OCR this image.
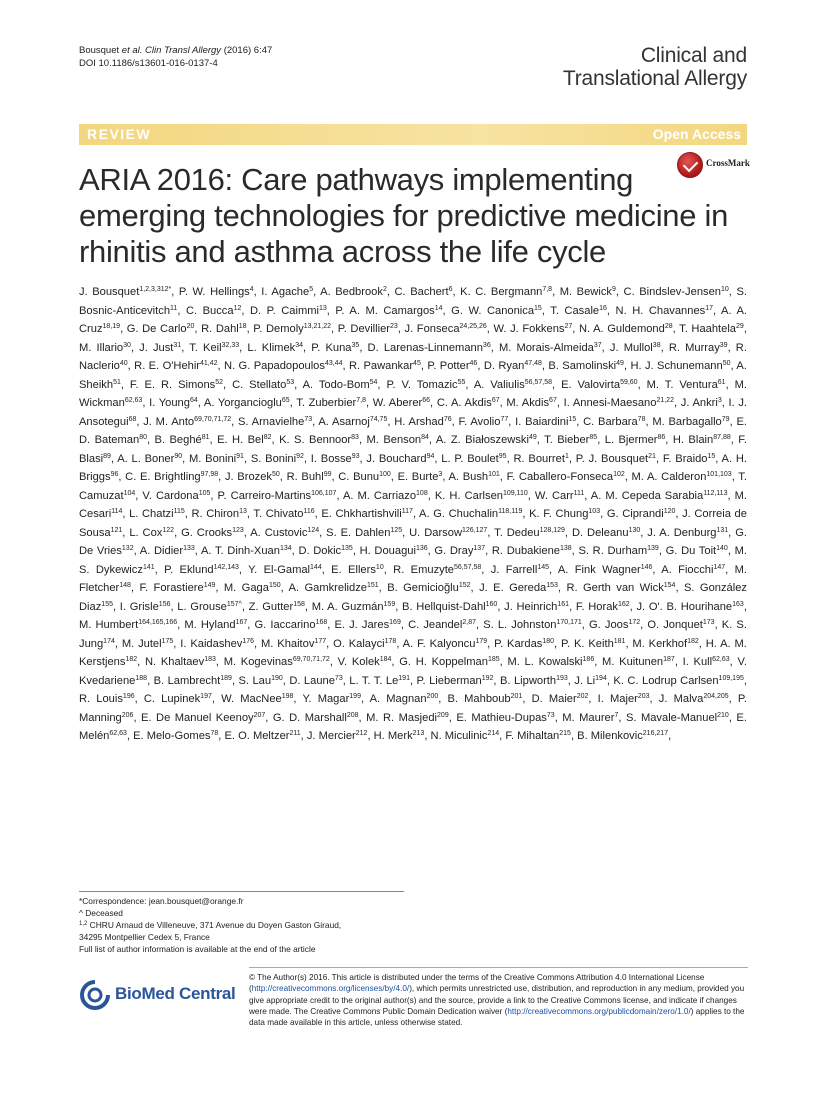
Bousquet et al. Clin Transl Allergy (2016) 6:47
DOI 10.1186/s13601-016-0137-4	Clinical and
Translational Allergy
REVIEW	Open Access
CrossMark
ARIA 2016: Care pathways implementing emerging technologies for predictive medicine in rhinitis and asthma across the life cycle
J. Bousquet$^{1,2,3,312*}$, P. W. Hellings$^4$, I. Agache$^5$, A. Bedbrook$^2$, C. Bachert$^6$, K. C. Bergmann$^{7,8}$, M. Bewick$^9$, C. Bindslev-Jensen$^{10}$, S. Bosnic-Anticevitch$^{11}$, C. Bucca$^{12}$, D. P. Caimmi$^{13}$, P. A. M. Camargos$^{14}$, G. W. Canonica$^{15}$, T. Casale$^{16}$, N. H. Chavannes$^{17}$, A. A. Cruz$^{18,19}$, G. De Carlo$^{20}$, R. Dahl$^{18}$, P. Demoly$^{13,21,22}$, P. Devillier$^{23}$, J. Fonseca$^{24,25,26}$, W. J. Fokkens$^{27}$, N. A. Guldemond$^{28}$, T. Haahtela$^{29}$, M. Illario$^{30}$, J. Just$^{31}$, T. Keil$^{32,33}$, L. Klimek$^{34}$, P. Kuna$^{35}$, D. Larenas-Linnemann$^{36}$, M. Morais-Almeida$^{37}$, J. Mullol$^{38}$, R. Murray$^{39}$, R. Naclerio$^{40}$, R. E. O'Hehir$^{41,42}$, N. G. Papadopoulos$^{43,44}$, R. Pawankar$^{45}$, P. Potter$^{46}$, D. Ryan$^{47,48}$, B. Samolinski$^{49}$, H. J. Schunemann$^{50}$, A. Sheikh$^{51}$, F. E. R. Simons$^{52}$, C. Stellato$^{53}$, A. Todo-Bom$^{54}$, P. V. Tomazic$^{55}$, A. Valiulis$^{56,57,58}$, E. Valovirta$^{59,60}$, M. T. Ventura$^{61}$, M. Wickman$^{62,63}$, I. Young$^{64}$, A. Yorgancioglu$^{65}$, T. Zuberbier$^{7,8}$, W. Aberer$^{66}$, C. A. Akdis$^{67}$, M. Akdis$^{67}$, I. Annesi-Maesano$^{21,22}$, J. Ankri$^3$, I. J. Ansotegui$^{68}$, J. M. Anto$^{69,70,71,72}$, S. Arnavielhe$^{73}$, A. Asarnoj$^{74,75}$, H. Arshad$^{76}$, F. Avolio$^{77}$, I. Baiardini$^{15}$, C. Barbara$^{78}$, M. Barbagallo$^{79}$, E. D. Bateman$^{80}$, B. Beghé$^{81}$, E. H. Bel$^{82}$, K. S. Bennoor$^{83}$, M. Benson$^{84}$, A. Z. Białoszewski$^{49}$, T. Bieber$^{85}$, L. Bjermer$^{86}$, H. Blain$^{87,88}$, F. Blasi$^{89}$, A. L. Boner$^{90}$, M. Bonini$^{91}$, S. Bonini$^{92}$, I. Bosse$^{93}$, J. Bouchard$^{94}$, L. P. Boulet$^{95}$, R. Bourret$^1$, P. J. Bousquet$^{21}$, F. Braido$^{15}$, A. H. Briggs$^{96}$, C. E. Brightling$^{97,98}$, J. Brozek$^{50}$, R. Buhl$^{99}$, C. Bunu$^{100}$, E. Burte$^3$, A. Bush$^{101}$, F. Caballero-Fonseca$^{102}$, M. A. Calderon$^{101,103}$, T. Camuzat$^{104}$, V. Cardona$^{105}$, P. Carreiro-Martins$^{106,107}$, A. M. Carriazo$^{108}$, K. H. Carlsen$^{109,110}$, W. Carr$^{111}$, A. M. Cepeda Sarabia$^{112,113}$, M. Cesari$^{114}$, L. Chatzi$^{115}$, R. Chiron$^{13}$, T. Chivato$^{116}$, E. Chkhartishvili$^{117}$, A. G. Chuchalin$^{118,119}$, K. F. Chung$^{103}$, G. Ciprandi$^{120}$, J. Correia de Sousa$^{121}$, L. Cox$^{122}$, G. Crooks$^{123}$, A. Custovic$^{124}$, S. E. Dahlen$^{125}$, U. Darsow$^{126,127}$, T. Dedeu$^{128,129}$, D. Deleanu$^{130}$, J. A. Denburg$^{131}$, G. De Vries$^{132}$, A. Didier$^{133}$, A. T. Dinh-Xuan$^{134}$, D. Dokic$^{135}$, H. Douagui$^{136}$, G. Dray$^{137}$, R. Dubakiene$^{138}$, S. R. Durham$^{139}$, G. Du Toit$^{140}$, M. S. Dykewicz$^{141}$, P. Eklund$^{142,143}$, Y. El-Gamal$^{144}$, E. Ellers$^{10}$, R. Emuzyte$^{56,57,58}$, J. Farrell$^{145}$, A. Fink Wagner$^{146}$, A. Fiocchi$^{147}$, M. Fletcher$^{148}$, F. Forastiere$^{149}$, M. Gaga$^{150}$, A. Gamkrelidze$^{151}$, B. Gemicioğlu$^{152}$, J. E. Gereda$^{153}$, R. Gerth van Wick$^{154}$, S. González Diaz$^{155}$, I. Grisle$^{156}$, L. Grouse$^{157\^{}}$, Z. Gutter$^{158}$, M. A. Guzmán$^{159}$, B. Hellquist-Dahl$^{160}$, J. Heinrich$^{161}$, F. Horak$^{162}$, J. O'. B. Hourihane$^{163}$, M. Humbert$^{164,165,166}$, M. Hyland$^{167}$, G. Iaccarino$^{168}$, E. J. Jares$^{169}$, C. Jeandel$^{2,87}$, S. L. Johnston$^{170,171}$, G. Joos$^{172}$, O. Jonquet$^{173}$, K. S. Jung$^{174}$, M. Jutel$^{175}$, I. Kaidashev$^{176}$, M. Khaitov$^{177}$, O. Kalayci$^{178}$, A. F. Kalyoncu$^{179}$, P. Kardas$^{180}$, P. K. Keith$^{181}$, M. Kerkhof$^{182}$, H. A. M. Kerstjens$^{182}$, N. Khaltaev$^{183}$, M. Kogevinas$^{69,70,71,72}$, V. Kolek$^{184}$, G. H. Koppelman$^{185}$, M. L. Kowalski$^{186}$, M. Kuitunen$^{187}$, I. Kull$^{62,63}$, V. Kvedariene$^{188}$, B. Lambrecht$^{189}$, S. Lau$^{190}$, D. Laune$^{73}$, L. T. T. Le$^{191}$, P. Lieberman$^{192}$, B. Lipworth$^{193}$, J. Li$^{194}$, K. C. Lodrup Carlsen$^{109,195}$, R. Louis$^{196}$, C. Lupinek$^{197}$, W. MacNee$^{198}$, Y. Magar$^{199}$, A. Magnan$^{200}$, B. Mahboub$^{201}$, D. Maier$^{202}$, I. Majer$^{203}$, J. Malva$^{204,205}$, P. Manning$^{206}$, E. De Manuel Keenoy$^{207}$, G. D. Marshall$^{208}$, M. R. Masjedi$^{209}$, E. Mathieu-Dupas$^{73}$, M. Maurer$^7$, S. Mavale-Manuel$^{210}$, E. Melén$^{62,63}$, E. Melo-Gomes$^{78}$, E. O. Meltzer$^{211}$, J. Mercier$^{212}$, H. Merk$^{213}$, N. Miculinic$^{214}$, F. Mihaltan$^{215}$, B. Milenkovic$^{216,217}$,
*Correspondence: jean.bousquet@orange.fr
^ Deceased
$^{1,2}$ CHRU Arnaud de Villeneuve, 371 Avenue du Doyen Gaston Giraud,
34295 Montpellier Cedex 5, France
Full list of author information is available at the end of the article
BioMed Central
© The Author(s) 2016. This article is distributed under the terms of the Creative Commons Attribution 4.0 International License (http://creativecommons.org/licenses/by/4.0/), which permits unrestricted use, distribution, and reproduction in any medium, provided you give appropriate credit to the original author(s) and the source, provide a link to the Creative Commons license, and indicate if changes were made. The Creative Commons Public Domain Dedication waiver (http://creativecommons.org/publicdomain/zero/1.0/) applies to the data made available in this article, unless otherwise stated.
